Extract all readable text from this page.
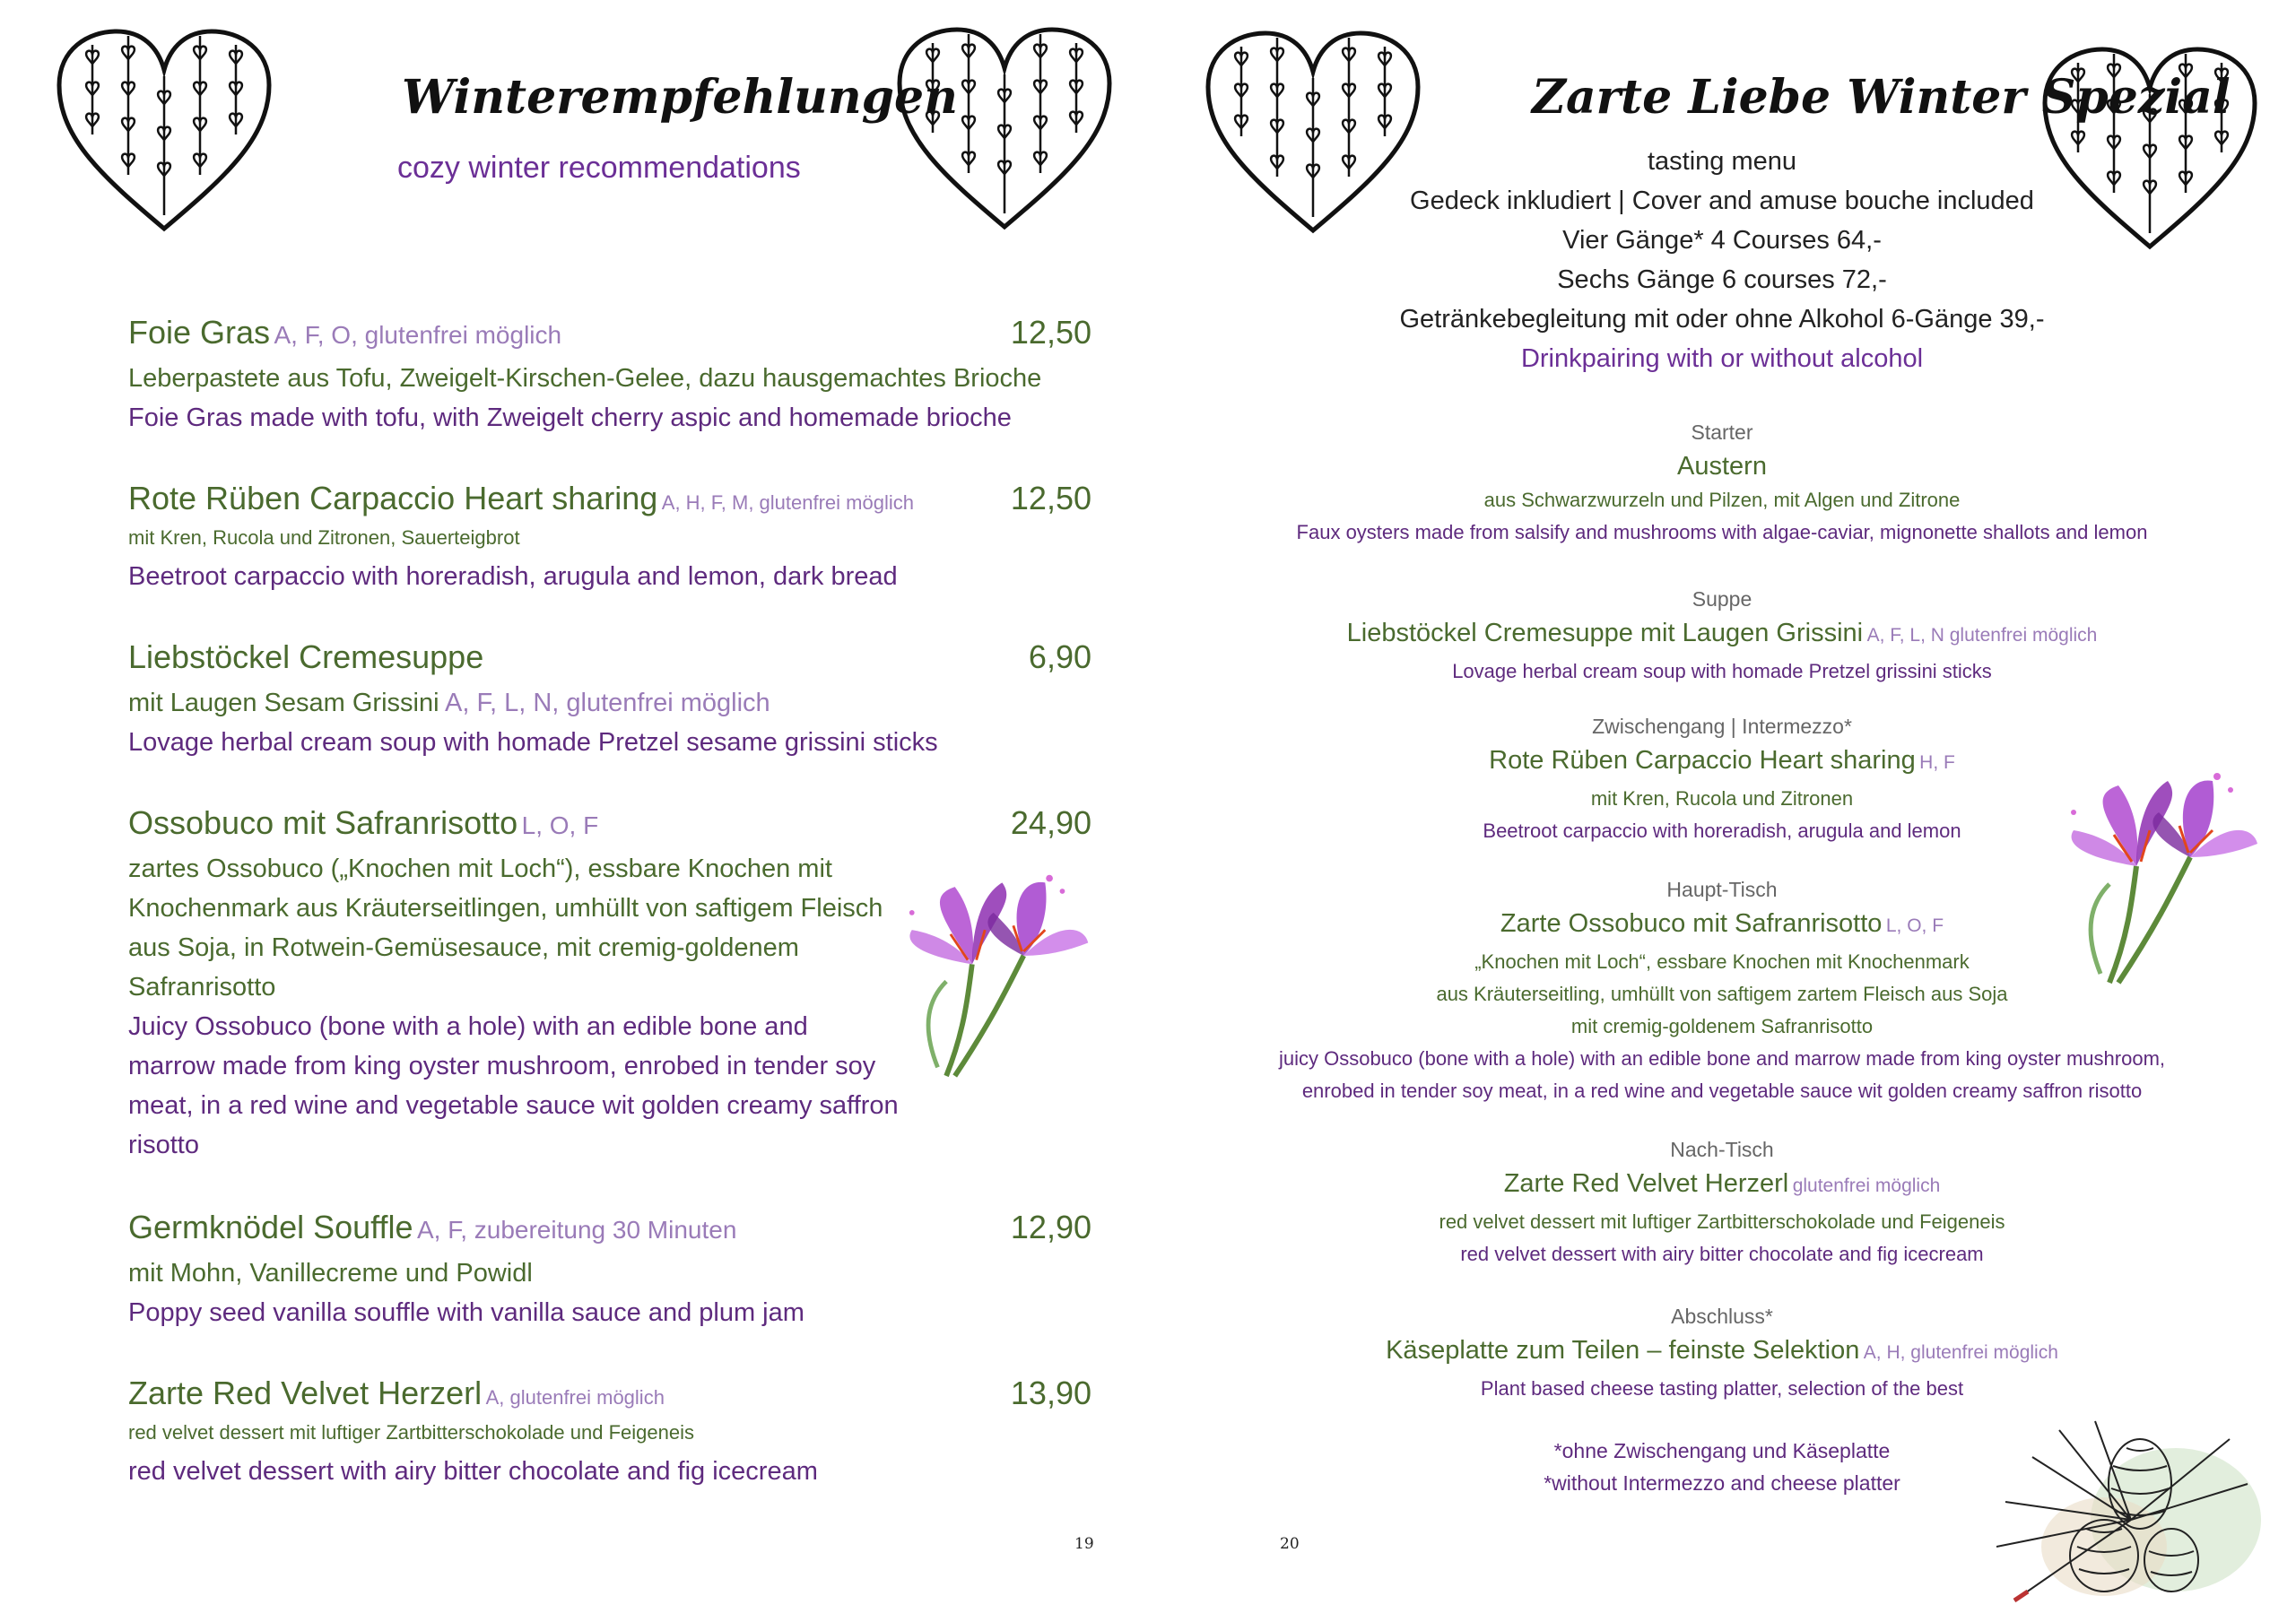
Winterempfehlungen
cozy winter recommendations
Foie Gras A, F, O, glutenfrei möglich	12,50
Leberpastete aus Tofu, Zweigelt-Kirschen-Gelee, dazu hausgemachtes Brioche
Foie Gras made with tofu, with Zweigelt cherry aspic and homemade brioche
Rote Rüben Carpaccio Heart sharing A, H, F, M, glutenfrei möglich	12,50
mit Kren, Rucola und Zitronen, Sauerteigbrot
Beetroot carpaccio with horeradish, arugula and lemon, dark bread
Liebstöckel Cremesuppe	6,90
mit Laugen Sesam Grissini A, F, L, N, glutenfrei möglich
Lovage herbal cream soup with homade Pretzel sesame grissini sticks
Ossobuco mit Safranrisotto L, O, F	24,90
zartes Ossobuco („Knochen mit Loch“), essbare Knochen mit
Knochenmark aus Kräuterseitlingen, umhüllt von saftigem Fleisch
aus Soja, in Rotwein-Gemüsesauce, mit cremig-goldenem
Safranrisotto
Juicy Ossobuco (bone with a hole) with an edible bone and
marrow made from king oyster mushroom, enrobed in tender soy
meat, in a red wine and vegetable sauce wit golden creamy saffron
risotto
Germknödel Souffle A, F, zubereitung 30 Minuten	12,90
mit Mohn, Vanillecreme und Powidl
Poppy seed vanilla souffle with vanilla sauce and plum jam
Zarte Red Velvet Herzerl A, glutenfrei möglich	13,90
red velvet dessert mit luftiger Zartbitterschokolade und Feigeneis
red velvet dessert with airy bitter chocolate and fig icecream
19
Zarte Liebe Winter Spezial
tasting menu
Gedeck inkludiert | Cover and amuse bouche included
Vier Gänge* 4 Courses 64,-
Sechs Gänge 6 courses 72,-
Getränkebegleitung mit oder ohne Alkohol 6-Gänge 39,-
Drinkpairing with or without alcohol
Starter
Austern
aus Schwarzwurzeln und Pilzen, mit Algen und Zitrone
Faux oysters made from salsify and mushrooms with algae-caviar, mignonette shallots and lemon
Suppe
Liebstöckel Cremesuppe mit Laugen Grissini A, F, L, N glutenfrei möglich
Lovage herbal cream soup with homade Pretzel grissini sticks
Zwischengang | Intermezzo*
Rote Rüben Carpaccio Heart sharing H, F
mit Kren, Rucola und Zitronen
Beetroot carpaccio with horeradish, arugula and lemon
Haupt-Tisch
Zarte Ossobuco mit Safranrisotto L, O, F
„Knochen mit Loch“, essbare Knochen mit Knochenmark
aus Kräuterseitling, umhüllt von saftigem zartem Fleisch aus Soja
mit cremig-goldenem Safranrisotto
juicy Ossobuco (bone with a hole) with an edible bone and marrow made from king oyster mushroom,
enrobed in tender soy meat, in a red wine and vegetable sauce wit golden creamy saffron risotto
Nach-Tisch
Zarte Red Velvet Herzerl glutenfrei möglich
red velvet dessert mit luftiger Zartbitterschokolade und Feigeneis
red velvet dessert with airy bitter chocolate and fig icecream
Abschluss*
Käseplatte zum Teilen – feinste Selektion A, H, glutenfrei möglich
Plant based cheese tasting platter, selection of the best
*ohne Zwischengang und Käseplatte
*without Intermezzo and cheese platter
20
